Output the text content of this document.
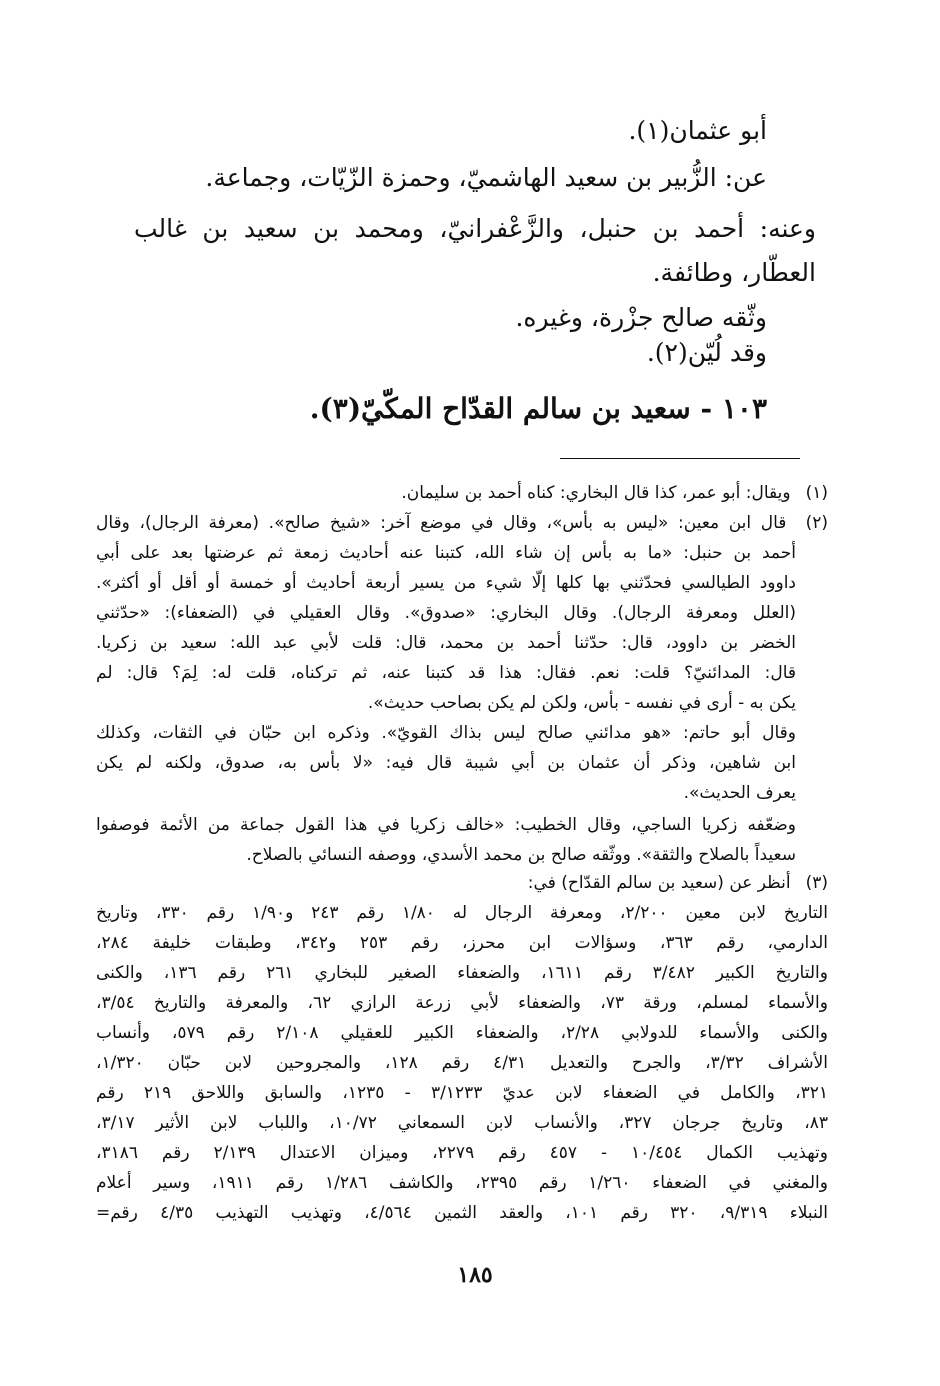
أبو عثمان(١).
عن: الزُّبير بن سعيد الهاشميّ، وحمزة الزّيّات، وجماعة.
وعنه: أحمد بن حنبل، والزَّعْفرانيّ، ومحمد بن سعيد بن غالب
العطّار، وطائفة.
وثّقه صالح جزْرة، وغيره.
وقد لُيّن(٢).
١٠٣ - سعيد بن سالم القدّاح المكّيّ(٣).
(١) ويقال: أبو عمر، كذا قال البخاري: كناه أحمد بن سليمان.
(٢) قال ابن معين: «ليس به بأس»، وقال في موضع آخر: «شيخ صالح». (معرفة الرجال)، وقال
أحمد بن حنبل: «ما به بأس إن شاء الله، كتبنا عنه أحاديث زمعة ثم عرضتها بعد على أبي
داوود الطيالسي فحدّثني بها كلها إلّا شيء من يسير أربعة أحاديث أو خمسة أو أقل أو أكثر».
(العلل ومعرفة الرجال). وقال البخاري: «صدوق». وقال العقيلي في (الضعفاء): «حدّثني
الخضر بن داوود، قال: حدّثنا أحمد بن محمد، قال: قلت لأبي عبد الله: سعيد بن زكريا.
قال: المدائنيّ؟ قلت: نعم. فقال: هذا قد كتبنا عنه، ثم تركناه، قلت له: لِمَ؟ قال: لم
يكن به - أرى في نفسه - بأس، ولكن لم يكن بصاحب حديث».
وقال أبو حاتم: «هو مدائني صالح ليس بذاك القويّ». وذكره ابن حبّان في الثقات، وكذلك
ابن شاهين، وذكر أن عثمان بن أبي شيبة قال فيه: «لا بأس به، صدوق، ولكنه لم يكن
يعرف الحديث».
وضعّفه زكريا الساجي، وقال الخطيب: «خالف زكريا في هذا القول جماعة من الأئمة فوصفوا
سعيداً بالصلاح والثقة». ووثّقه صالح بن محمد الأسدي، ووصفه النسائي بالصلاح.
(٣) أنظر عن (سعيد بن سالم القدّاح) في:
التاريخ لابن معين ٢/٢٠٠، ومعرفة الرجال له ١/٨٠ رقم ٢٤٣ و١/٩٠ رقم ٣٣٠، وتاريخ
الدارمي، رقم ٣٦٣، وسؤالات ابن محرز، رقم ٢٥٣ و٣٤٢، وطبقات خليفة ٢٨٤،
والتاريخ الكبير ٣/٤٨٢ رقم ١٦١١، والضعفاء الصغير للبخاري ٢٦١ رقم ١٣٦، والكنى
والأسماء لمسلم، ورقة ٧٣، والضعفاء لأبي زرعة الرازي ٦٢، والمعرفة والتاريخ ٣/٥٤،
والكنى والأسماء للدولابي ٢/٢٨، والضعفاء الكبير للعقيلي ٢/١٠٨ رقم ٥٧٩، وأنساب
الأشراف ٣/٣٢، والجرح والتعديل ٤/٣١ رقم ١٢٨، والمجروحين لابن حبّان ١/٣٢٠،
٣٢١، والكامل في الضعفاء لابن عديّ ٣/١٢٣٣ - ١٢٣٥، والسابق واللاحق ٢١٩ رقم
٨٣، وتاريخ جرجان ٣٢٧، والأنساب لابن السمعاني ١٠/٧٢، واللباب لابن الأثير ٣/١٧،
وتهذيب الكمال ١٠/٤٥٤ - ٤٥٧ رقم ٢٢٧٩، وميزان الاعتدال ٢/١٣٩ رقم ٣١٨٦،
والمغني في الضعفاء ١/٢٦٠ رقم ٢٣٩٥، والكاشف ١/٢٨٦ رقم ١٩١١، وسير أعلام
النبلاء ٩/٣١٩، ٣٢٠ رقم ١٠١، والعقد الثمين ٤/٥٦٤، وتهذيب التهذيب ٤/٣٥ رقم=
١٨٥
